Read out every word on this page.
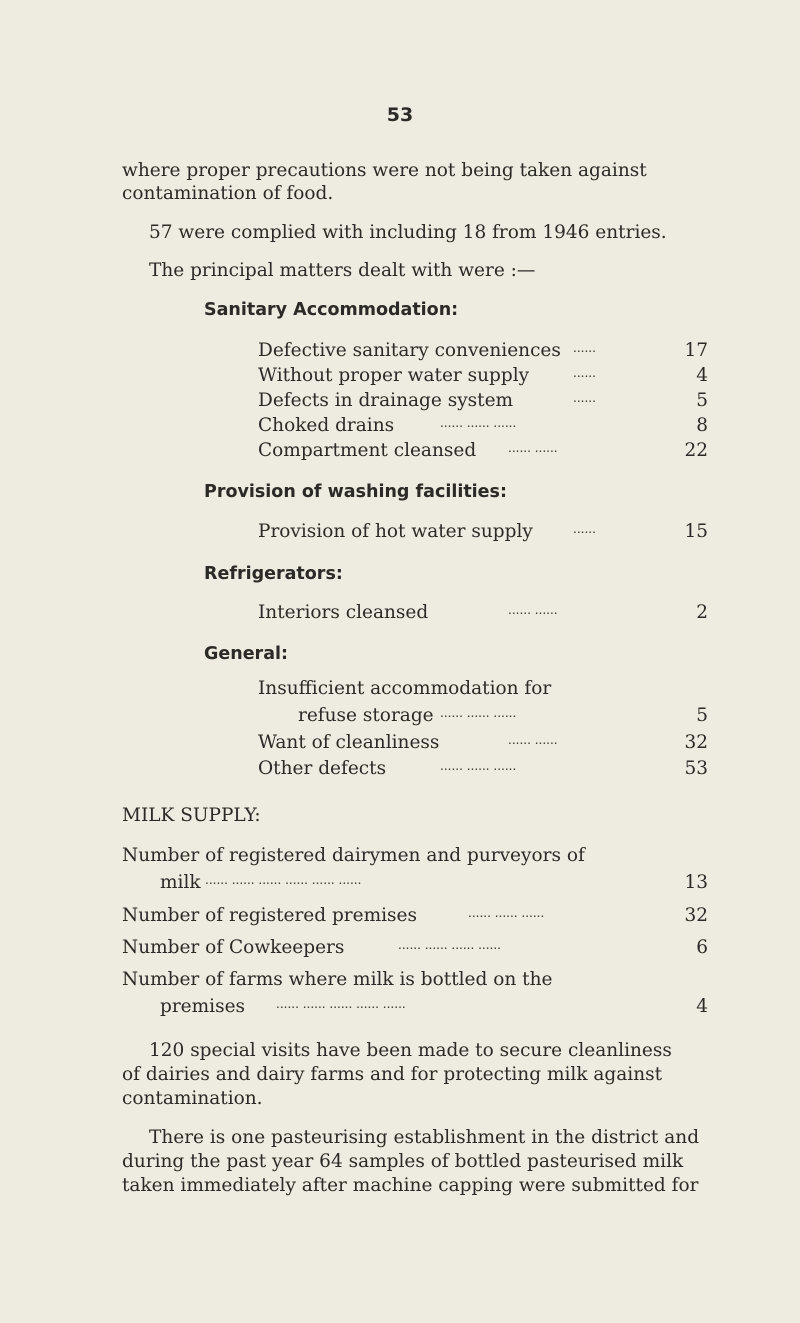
53
where proper precautions were not being taken against
contamination of food.
57 were complied with including 18 from 1946 entries.
The principal matters dealt with were :—
Sanitary Accommodation:
Defective sanitary conveniences ......	17
Without proper water supply	......	4
Defects in drainage system	......	5
Choked drains	...... ...... ......	8
Compartment cleansed	...... ......	22
Provision of washing facilities:
Provision of hot water supply	......	15
Refrigerators:
Interiors cleansed	...... ......	2
General:
Insufficient accommodation for
refuse storage ...... ...... ......	5
Want of cleanliness	...... ......	32
Other defects	...... ...... ......	53
MILK SUPPLY:
Number of registered dairymen and purveyors of
milk ...... ...... ...... ...... ...... ......	13
Number of registered premises	...... ...... ......	32
Number of Cowkeepers	...... ...... ...... ......	6
Number of farms where milk is bottled on the
premises	...... ...... ...... ...... ......	4
120 special visits have been made to secure cleanliness
of dairies and dairy farms and for protecting milk against
contamination.
There is one pasteurising establishment in the district and
during the past year 64 samples of bottled pasteurised milk
taken immediately after machine capping were submitted for
